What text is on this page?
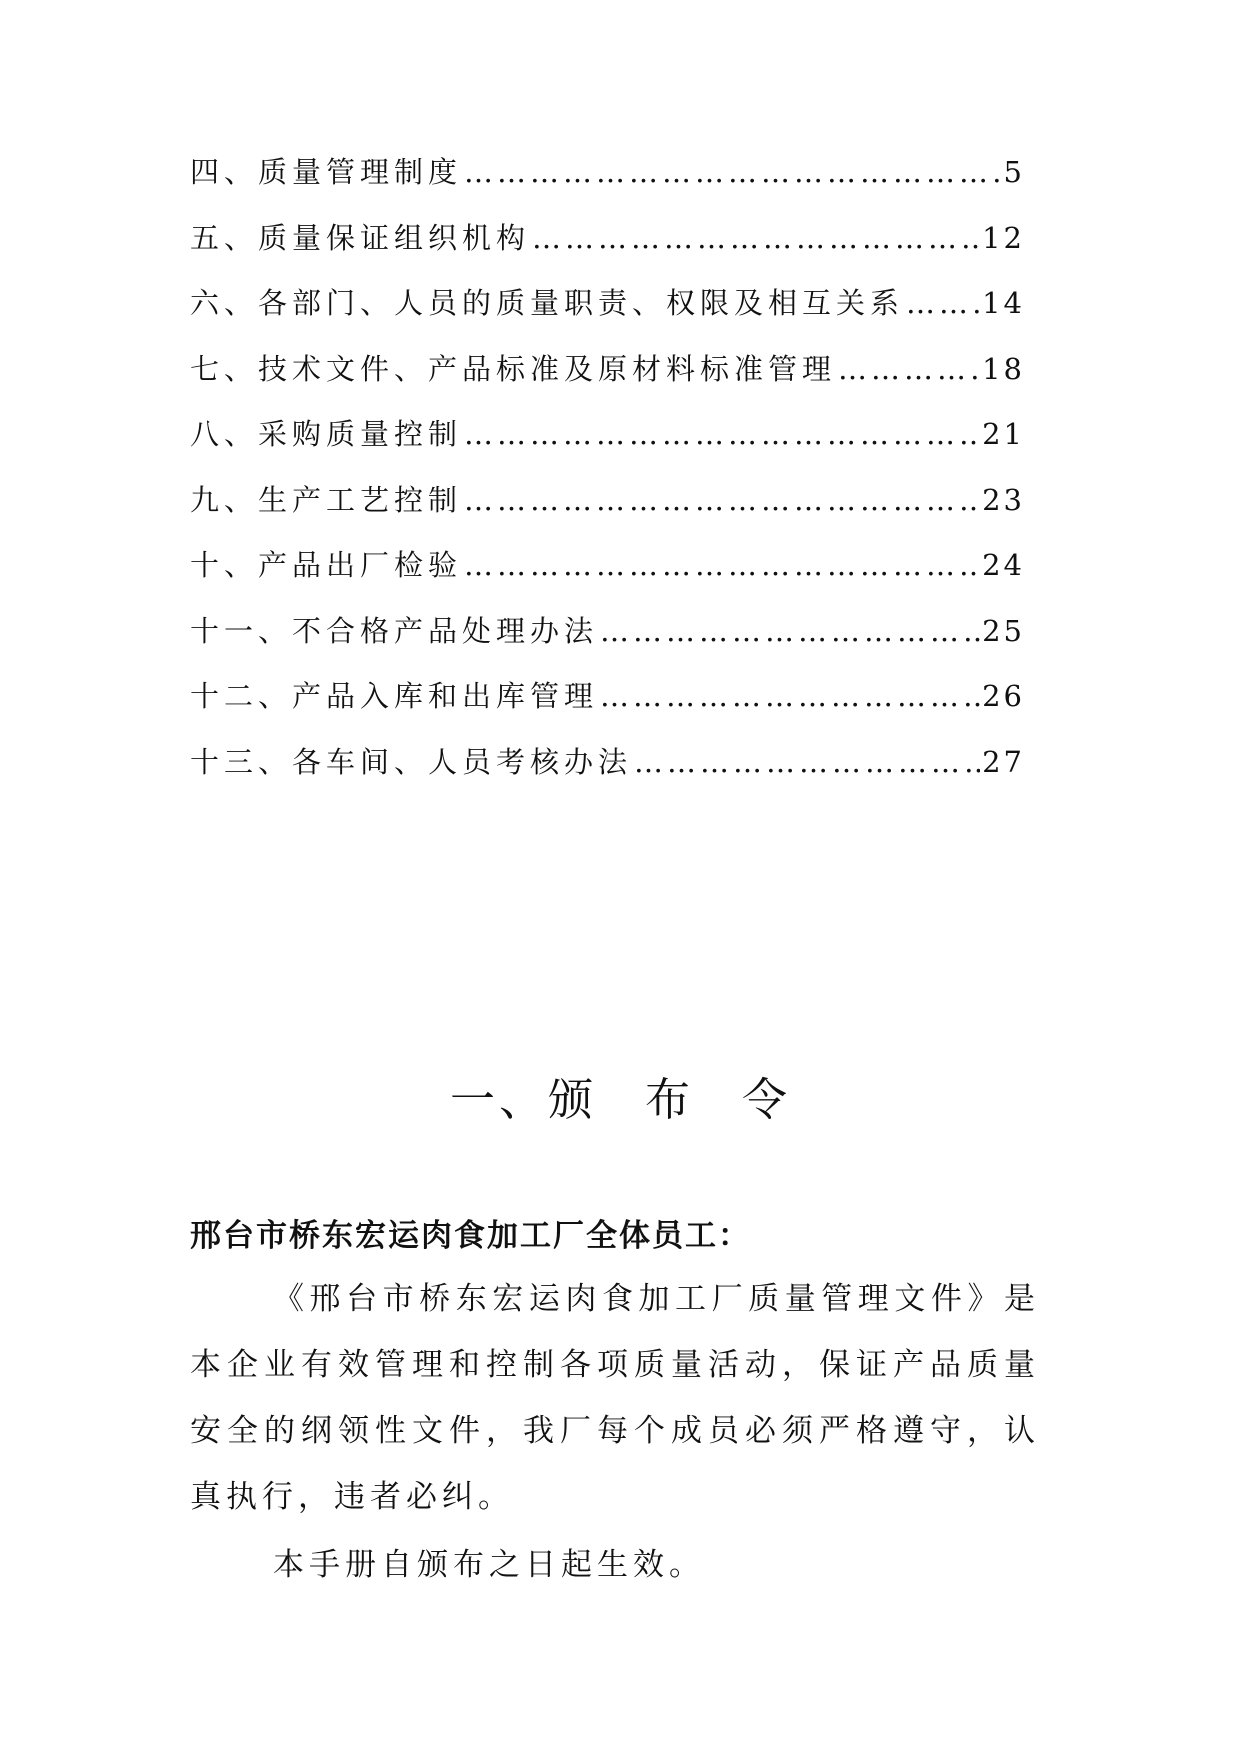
四、质量管理制度 …………………………………………………………………………………………………………………	5
五、质量保证组织机构 …………………………………………………………………………………………………………………	12
六、各部门、人员的质量职责、权限及相互关系 …………………………………………………………………………………………………………………	14
七、技术文件、产品标准及原材料标准管理 …………………………………………………………………………………………………………………	18
八、采购质量控制 …………………………………………………………………………………………………………………	21
九、生产工艺控制 …………………………………………………………………………………………………………………	23
十、产品出厂检验 …………………………………………………………………………………………………………………	24
十一、不合格产品处理办法 …………………………………………………………………………………………………………………	25
十二、产品入库和出库管理 …………………………………………………………………………………………………………………	26
十三、各车间、人员考核办法 …………………………………………………………………………………………………………………	27
一、颁 布 令
邢台市桥东宏运肉食加工厂全体员工：

《邢台市桥东宏运肉食加工厂质量管理文件》是本企业有效管理和控制各项质量活动，保证产品质量安全的纲领性文件，我厂每个成员必须严格遵守，认真执行，违者必纠。

本手册自颁布之日起生效。
